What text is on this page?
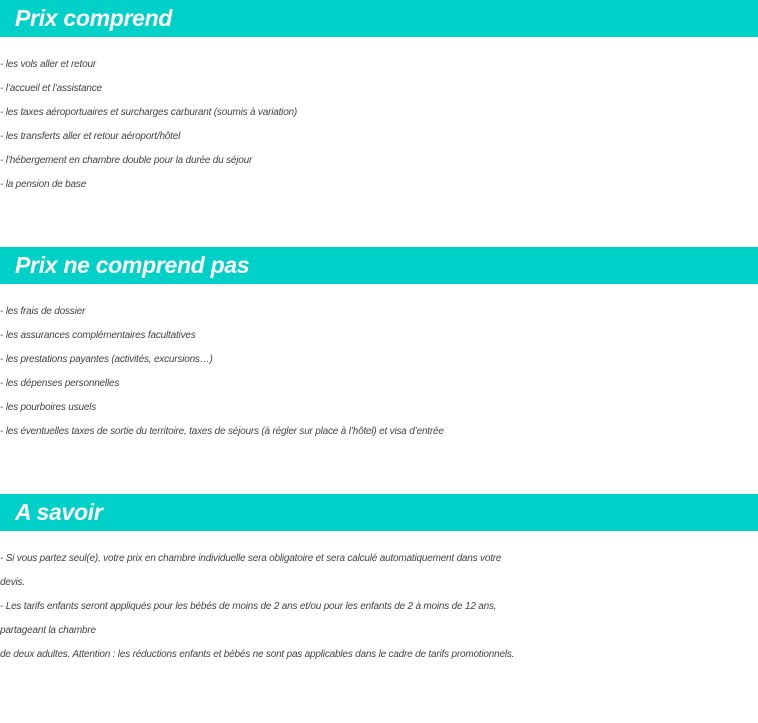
Prix comprend
- les vols aller et retour
- l’accueil et l’assistance
- les taxes aéroportuaires et surcharges carburant (soumis à variation)
- les transferts aller et retour aéroport/hôtel
- l’hébergement en chambre double pour la durée du séjour
- la pension de base
Prix ne comprend pas
- les frais de dossier
- les assurances complémentaires facultatives
- les prestations payantes (activités, excursions…)
- les dépenses personnelles
- les pourboires usuels
- les éventuelles taxes de sortie du territoire, taxes de séjours (à régler sur place à l’hôtel) et visa d’entrée
A savoir
- Si vous partez seul(e), votre prix en chambre individuelle sera obligatoire et sera calculé automatiquement dans votre
devis.
- Les tarifs enfants seront appliqués pour les bébés de moins de 2 ans et/ou pour les enfants de 2 à moins de 12 ans,
partageant la chambre
de deux adultes. Attention : les réductions enfants et bébés ne sont pas applicables dans le cadre de tarifs promotionnels.
